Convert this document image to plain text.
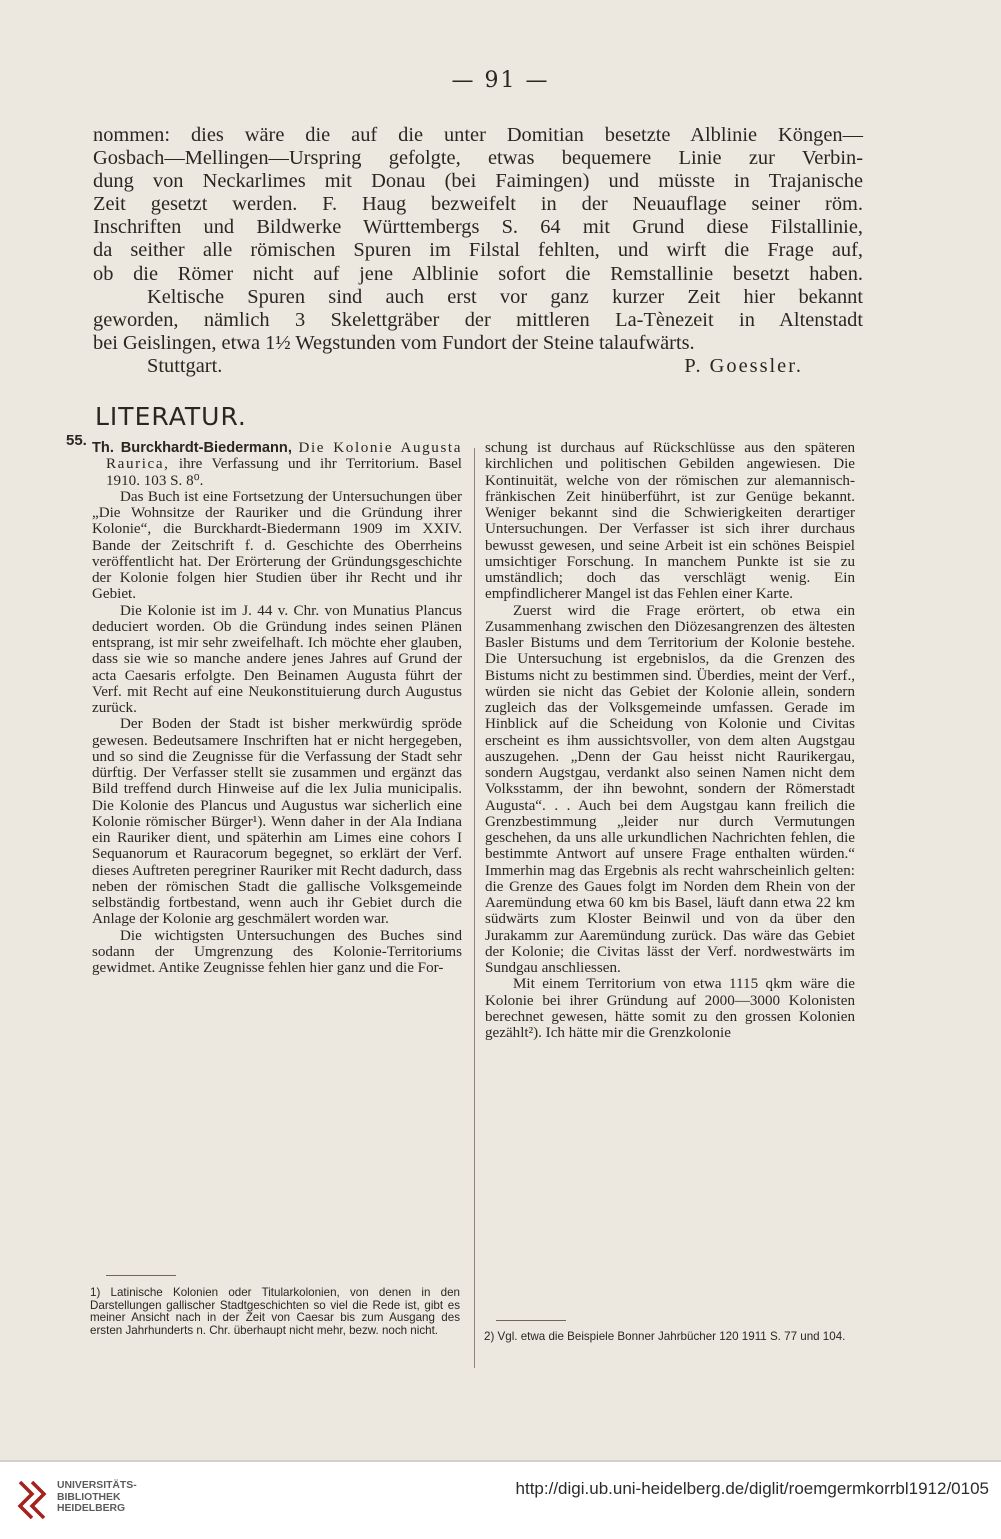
— 91 —

nommen: dies wäre die auf die unter Domitian besetzte Alblinie Köngen—

Gosbach—Mellingen—Urspring gefolgte, etwas bequemere Linie zur Verbin-

dung von Neckarlimes mit Donau (bei Faimingen) und müsste in Trajanische

Zeit gesetzt werden. F. Haug bezweifelt in der Neuauflage seiner röm.

Inschriften und Bildwerke Württembergs S. 64 mit Grund diese Filstallinie,

da seither alle römischen Spuren im Filstal fehlten, und wirft die Frage auf,

ob die Römer nicht auf jene Alblinie sofort die Remstallinie besetzt haben.

Keltische Spuren sind auch erst vor ganz kurzer Zeit hier bekannt

geworden, nämlich 3 Skelettgräber der mittleren La-Tènezeit in Altenstadt

bei Geislingen, etwa 1½ Wegstunden vom Fundort der Steine talaufwärts.

Stuttgart.	P. Goessler.
LITERATUR.
55. Th. Burckhardt-Biedermann, Die Kolonie Augusta Raurica, ihre Verfassung und ihr Territorium. Basel 1910. 103 S. 8⁰.

Das Buch ist eine Fortsetzung der Untersuchungen über „Die Wohnsitze der Rauriker und die Gründung ihrer Kolonie“, die Burckhardt-Biedermann 1909 im XXIV. Bande der Zeitschrift f. d. Geschichte des Oberrheins veröffentlicht hat. Der Erörterung der Gründungsgeschichte der Kolonie folgen hier Studien über ihr Recht und ihr Gebiet.

Die Kolonie ist im J. 44 v. Chr. von Munatius Plancus deduciert worden. Ob die Gründung indes seinen Plänen entsprang, ist mir sehr zweifelhaft. Ich möchte eher glauben, dass sie wie so manche andere jenes Jahres auf Grund der acta Caesaris erfolgte. Den Beinamen Augusta führt der Verf. mit Recht auf eine Neukonstituierung durch Augustus zurück.

Der Boden der Stadt ist bisher merkwürdig spröde gewesen. Bedeutsamere Inschriften hat er nicht hergegeben, und so sind die Zeugnisse für die Verfassung der Stadt sehr dürftig. Der Verfasser stellt sie zusammen und ergänzt das Bild treffend durch Hinweise auf die lex Julia municipalis. Die Kolonie des Plancus und Augustus war sicherlich eine Kolonie römischer Bürger¹). Wenn daher in der Ala Indiana ein Rauriker dient, und späterhin am Limes eine cohors I Sequanorum et Rauracorum begegnet, so erklärt der Verf. dieses Auftreten peregriner Rauriker mit Recht dadurch, dass neben der römischen Stadt die gallische Volksgemeinde selbständig fortbestand, wenn auch ihr Gebiet durch die Anlage der Kolonie arg geschmälert worden war.

Die wichtigsten Untersuchungen des Buches sind sodann der Umgrenzung des Kolonie-Territoriums gewidmet. Antike Zeugnisse fehlen hier ganz und die For-

schung ist durchaus auf Rückschlüsse aus den späteren kirchlichen und politischen Gebilden angewiesen. Die Kontinuität, welche von der römischen zur alemannisch-fränkischen Zeit hinüberführt, ist zur Genüge bekannt. Weniger bekannt sind die Schwierigkeiten derartiger Untersuchungen. Der Verfasser ist sich ihrer durchaus bewusst gewesen, und seine Arbeit ist ein schönes Beispiel umsichtiger Forschung. In manchem Punkte ist sie zu umständlich; doch das verschlägt wenig. Ein empfindlicherer Mangel ist das Fehlen einer Karte.

Zuerst wird die Frage erörtert, ob etwa ein Zusammenhang zwischen den Diözesangrenzen des ältesten Basler Bistums und dem Territorium der Kolonie bestehe. Die Untersuchung ist ergebnislos, da die Grenzen des Bistums nicht zu bestimmen sind. Überdies, meint der Verf., würden sie nicht das Gebiet der Kolonie allein, sondern zugleich das der Volksgemeinde umfassen. Gerade im Hinblick auf die Scheidung von Kolonie und Civitas erscheint es ihm aussichtsvoller, von dem alten Augstgau auszugehen. „Denn der Gau heisst nicht Raurikergau, sondern Augstgau, verdankt also seinen Namen nicht dem Volksstamm, der ihn bewohnt, sondern der Römerstadt Augusta“. . . Auch bei dem Augstgau kann freilich die Grenzbestimmung „leider nur durch Vermutungen geschehen, da uns alle urkundlichen Nachrichten fehlen, die bestimmte Antwort auf unsere Frage enthalten würden.“ Immerhin mag das Ergebnis als recht wahrscheinlich gelten: die Grenze des Gaues folgt im Norden dem Rhein von der Aaremündung etwa 60 km bis Basel, läuft dann etwa 22 km südwärts zum Kloster Beinwil und von da über den Jurakamm zur Aaremündung zurück. Das wäre das Gebiet der Kolonie; die Civitas lässt der Verf. nordwestwärts im Sundgau anschliessen.

Mit einem Territorium von etwa 1115 qkm wäre die Kolonie bei ihrer Gründung auf 2000—3000 Kolonisten berechnet gewesen, hätte somit zu den grossen Kolonien gezählt²). Ich hätte mir die Grenzkolonie

1) Latinische Kolonien oder Titularkolonien, von denen in den Darstellungen gallischer Stadtgeschichten so viel die Rede ist, gibt es meiner Ansicht nach in der Zeit von Caesar bis zum Ausgang des ersten Jahrhunderts n. Chr. überhaupt nicht mehr, bezw. noch nicht.	2) Vgl. etwa die Beispiele Bonner Jahrbücher 120 1911 S. 77 und 104.
UNIVERSITÄTS-
BIBLIOTHEK
HEIDELBERG
http://digi.ub.uni-heidelberg.de/diglit/roemgermkorrbl1912/0105
